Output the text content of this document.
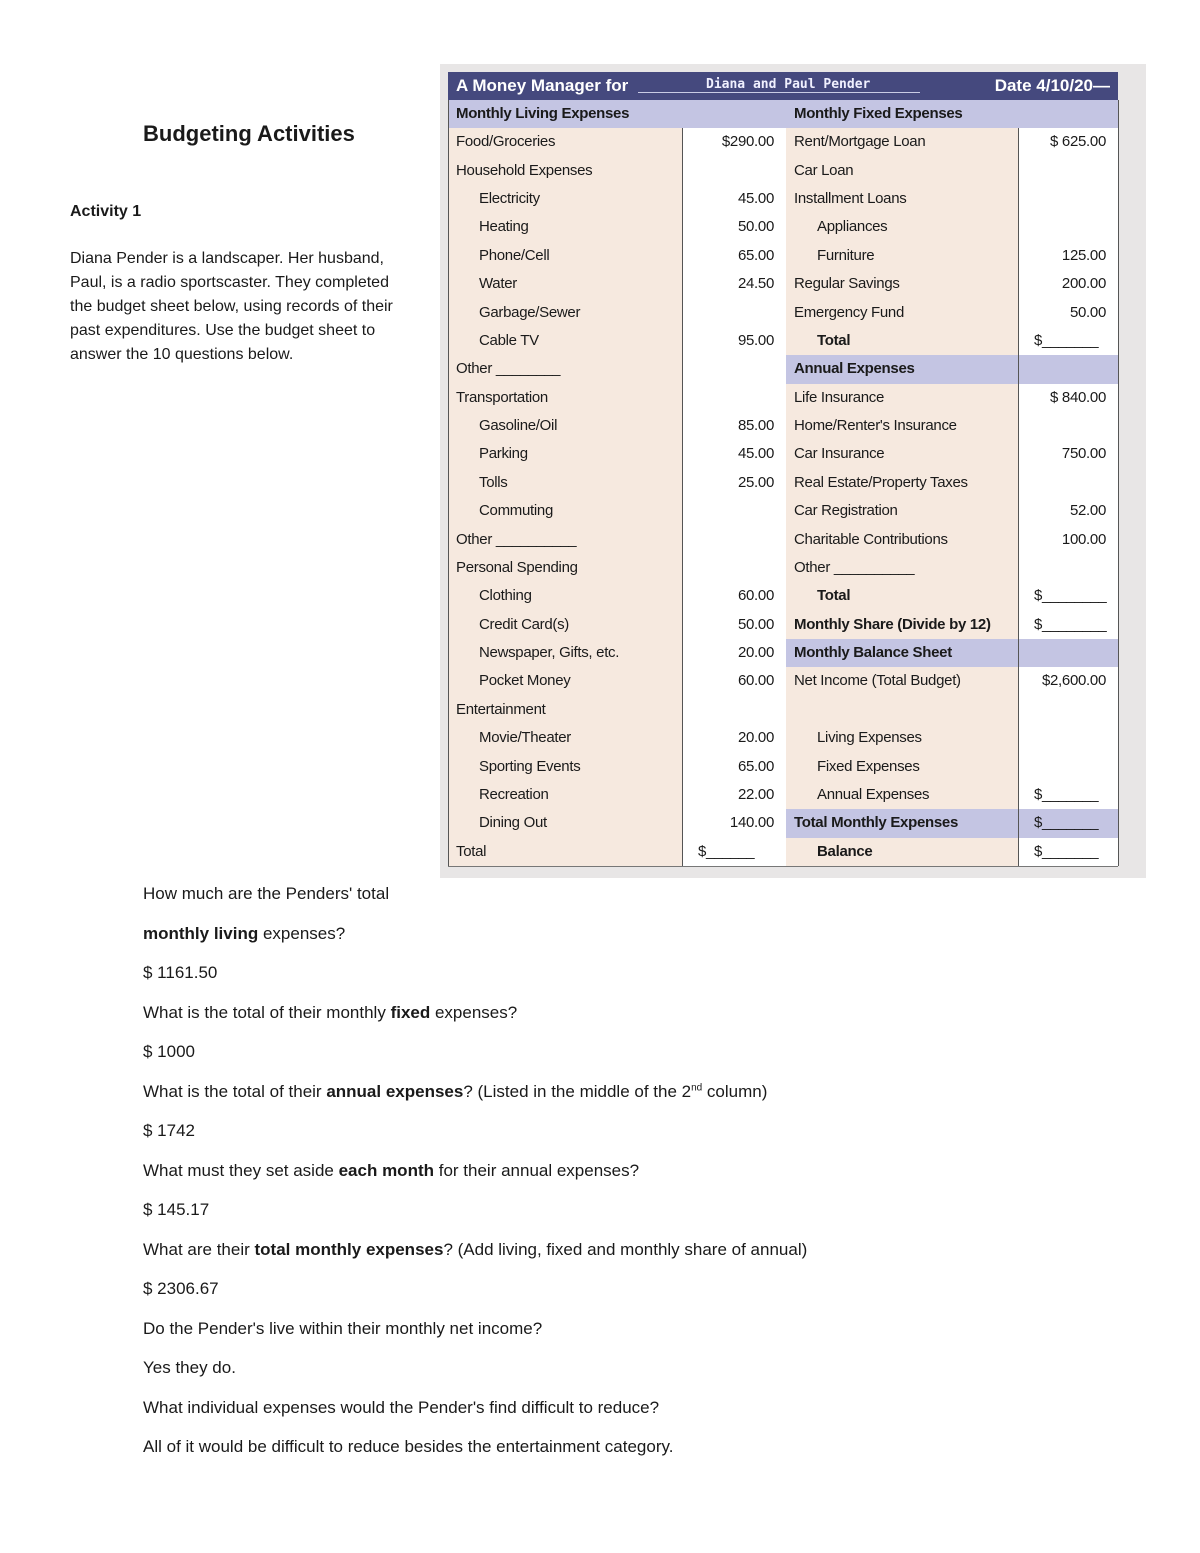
Budgeting Activities
Activity 1
Diana Pender is a landscaper. Her husband,
Paul, is a radio sportscaster. They completed
the budget sheet below, using records of their
past expenditures. Use the budget sheet to
answer the 10 questions below.
A Money Manager for	Diana and Paul Pender	Date 4/10/20—
Monthly Living Expenses
Food/Groceries	$290.00
Household Expenses
Electricity	45.00
Heating	50.00
Phone/Cell	65.00
Water	24.50
Garbage/Sewer
Cable TV	95.00
Other ________
Transportation
Gasoline/Oil	85.00
Parking	45.00
Tolls	25.00
Commuting
Other __________
Personal Spending
Clothing	60.00
Credit Card(s)	50.00
Newspaper, Gifts, etc.	20.00
Pocket Money	60.00
Entertainment
Movie/Theater	20.00
Sporting Events	65.00
Recreation	22.00
Dining Out	140.00
Total	$______
Monthly Fixed Expenses
Rent/Mortgage Loan	$ 625.00
Car Loan
Installment Loans
Appliances
Furniture	125.00
Regular Savings	200.00
Emergency Fund	50.00
Total	$_______
Annual Expenses
Life Insurance	$ 840.00
Home/Renter's Insurance
Car Insurance	750.00
Real Estate/Property Taxes
Car Registration	52.00
Charitable Contributions	100.00
Other __________
Total	$________
Monthly Share (Divide by 12)	$________
Monthly Balance Sheet
Net Income (Total Budget)	$2,600.00
Living Expenses
Fixed Expenses
Annual Expenses	$_______
Total Monthly Expenses	$_______
Balance	$_______
How much are the Penders' total
monthly living expenses?
$ 1161.50
What is the total of their monthly fixed expenses?
$ 1000
What is the total of their annual expenses? (Listed in the middle of the 2nd column)
$ 1742
What must they set aside each month for their annual expenses?
$ 145.17
What are their total monthly expenses? (Add living, fixed and monthly share of annual)
$ 2306.67
Do the Pender's live within their monthly net income?
Yes they do.
What individual expenses would the Pender's find difficult to reduce?
All of it would be difficult to reduce besides the entertainment category.
